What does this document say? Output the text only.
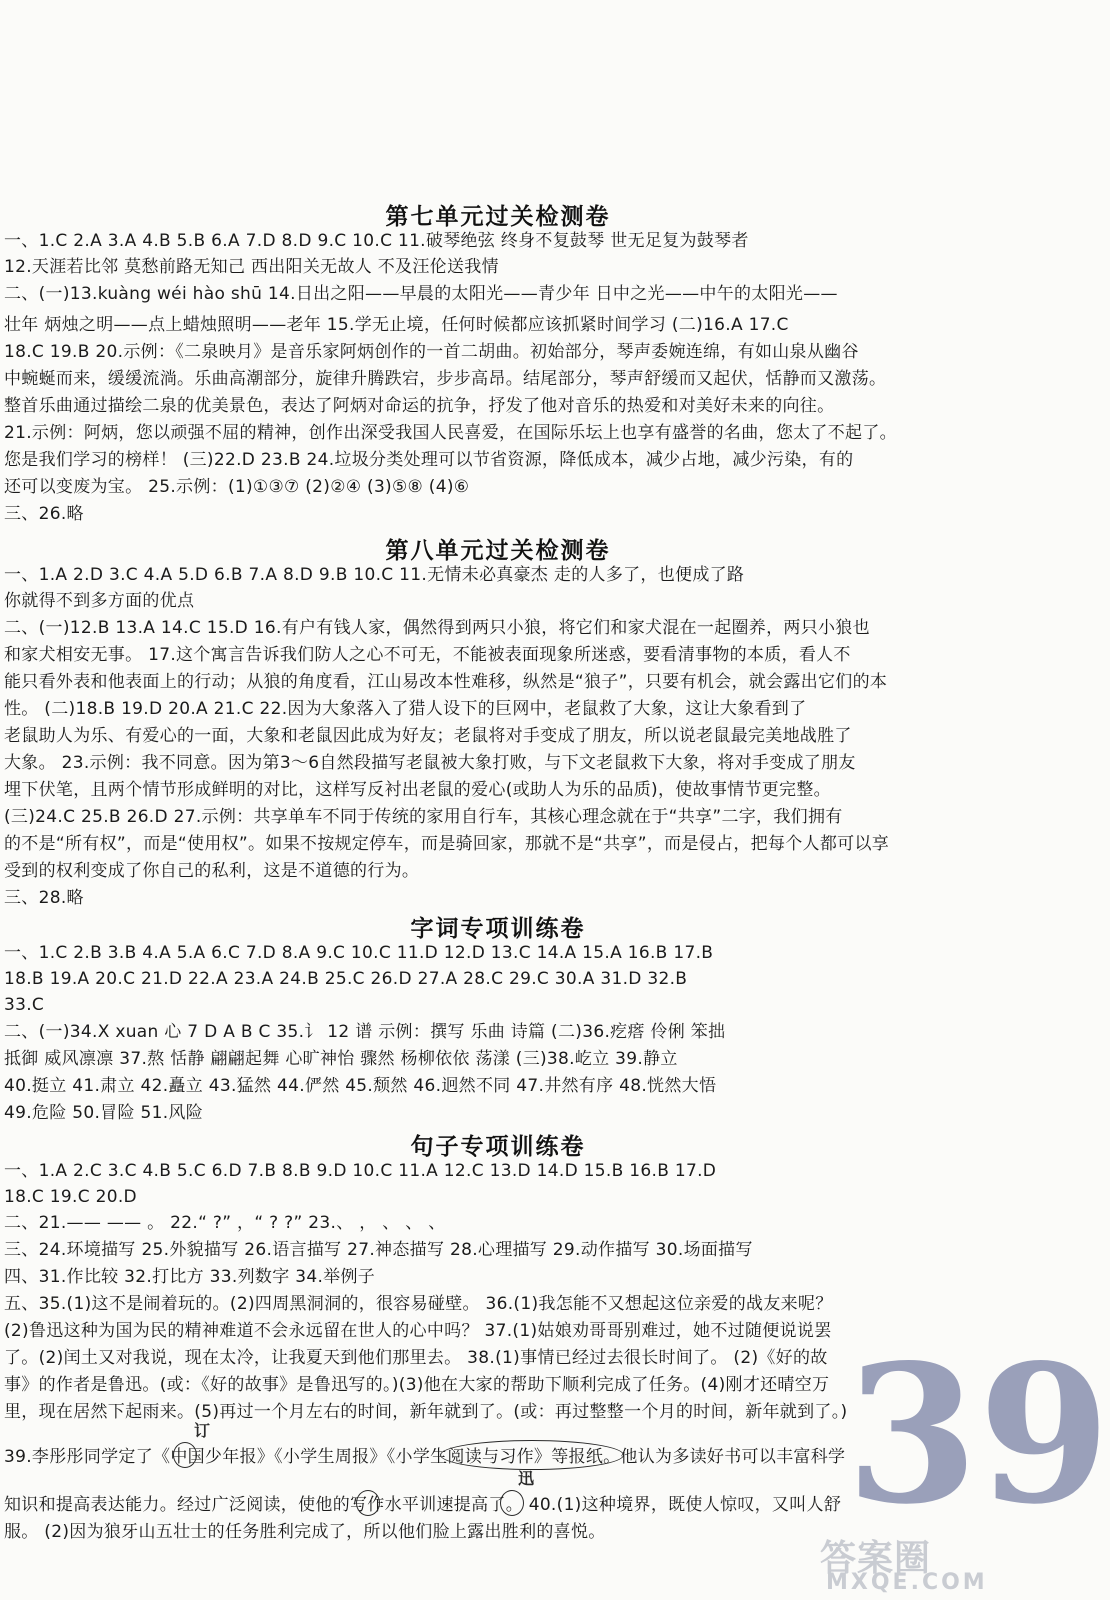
第七单元过关检测卷
一、1.C 2.A 3.A 4.B 5.B 6.A 7.D 8.D 9.C 10.C 11.破琴绝弦 终身不复鼓琴 世无足复为鼓琴者
12.天涯若比邻 莫愁前路无知己 西出阳关无故人 不及汪伦送我情
二、(一)13.kuàng wéi hào shū 14.日出之阳——早晨的太阳光——青少年 日中之光——中午的太阳光——
壮年 炳烛之明——点上蜡烛照明——老年 15.学无止境，任何时候都应该抓紧时间学习 (二)16.A 17.C
18.C 19.B 20.示例：《二泉映月》是音乐家阿炳创作的一首二胡曲。初始部分，琴声委婉连绵，有如山泉从幽谷
中蜿蜒而来，缓缓流淌。乐曲高潮部分，旋律升腾跌宕，步步高昂。结尾部分，琴声舒缓而又起伏，恬静而又激荡。
整首乐曲通过描绘二泉的优美景色，表达了阿炳对命运的抗争，抒发了他对音乐的热爱和对美好未来的向往。
21.示例：阿炳，您以顽强不屈的精神，创作出深受我国人民喜爱，在国际乐坛上也享有盛誉的名曲，您太了不起了。
您是我们学习的榜样！ (三)22.D 23.B 24.垃圾分类处理可以节省资源，降低成本，减少占地，减少污染，有的
还可以变废为宝。 25.示例：(1)①③⑦ (2)②④ (3)⑤⑧ (4)⑥
三、26.略
第八单元过关检测卷
一、1.A 2.D 3.C 4.A 5.D 6.B 7.A 8.D 9.B 10.C 11.无情未必真豪杰 走的人多了，也便成了路
你就得不到多方面的优点
二、(一)12.B 13.A 14.C 15.D 16.有户有钱人家，偶然得到两只小狼，将它们和家犬混在一起圈养，两只小狼也
和家犬相安无事。 17.这个寓言告诉我们防人之心不可无，不能被表面现象所迷惑，要看清事物的本质，看人不
能只看外表和他表面上的行动；从狼的角度看，江山易改本性难移，纵然是“狼子”，只要有机会，就会露出它们的本
性。 (二)18.B 19.D 20.A 21.C 22.因为大象落入了猎人设下的巨网中，老鼠救了大象，这让大象看到了
老鼠助人为乐、有爱心的一面，大象和老鼠因此成为好友；老鼠将对手变成了朋友，所以说老鼠最完美地战胜了
大象。 23.示例：我不同意。因为第3～6自然段描写老鼠被大象打败，与下文老鼠救下大象，将对手变成了朋友
埋下伏笔，且两个情节形成鲜明的对比，这样写反衬出老鼠的爱心(或助人为乐的品质)，使故事情节更完整。
(三)24.C 25.B 26.D 27.示例：共享单车不同于传统的家用自行车，其核心理念就在于“共享”二字，我们拥有
的不是“所有权”，而是“使用权”。如果不按规定停车，而是骑回家，那就不是“共享”，而是侵占，把每个人都可以享
受到的权利变成了你自己的私利，这是不道德的行为。
三、28.略
字词专项训练卷
一、1.C 2.B 3.B 4.A 5.A 6.C 7.D 8.A 9.C 10.C 11.D 12.D 13.C 14.A 15.A 16.B 17.B
18.B 19.A 20.C 21.D 22.A 23.A 24.B 25.C 26.D 27.A 28.C 29.C 30.A 31.D 32.B
33.C
二、(一)34.X xuan 心 7 D A B C 35.讠 12 谱 示例：撰写 乐曲 诗篇 (二)36.疙瘩 伶俐 笨拙
抵御 威风凛凛 37.熬 恬静 翩翩起舞 心旷神怡 骤然 杨柳依依 荡漾 (三)38.屹立 39.静立
40.挺立 41.肃立 42.矗立 43.猛然 44.俨然 45.颓然 46.迥然不同 47.井然有序 48.恍然大悟
49.危险 50.冒险 51.风险
句子专项训练卷
一、1.A 2.C 3.C 4.B 5.C 6.D 7.B 8.B 9.D 10.C 11.A 12.C 13.D 14.D 15.B 16.B 17.D
18.C 19.C 20.D
二、21.—— —— 。 22.“ ?” ，“ ? ?” 23.、 ， 、 、 、
三、24.环境描写 25.外貌描写 26.语言描写 27.神态描写 28.心理描写 29.动作描写 30.场面描写
四、31.作比较 32.打比方 33.列数字 34.举例子
五、35.(1)这不是闹着玩的。(2)四周黑洞洞的，很容易碰壁。 36.(1)我怎能不又想起这位亲爱的战友来呢？
(2)鲁迅这种为国为民的精神难道不会永远留在世人的心中吗？ 37.(1)姑娘劝哥哥别难过，她不过随便说说罢
了。(2)闰土又对我说，现在太冷，让我夏天到他们那里去。 38.(1)事情已经过去很长时间了。 (2)《好的故
事》的作者是鲁迅。(或：《好的故事》是鲁迅写的。)(3)他在大家的帮助下顺利完成了任务。(4)刚才还晴空万
里，现在居然下起雨来。(5)再过一个月左右的时间，新年就到了。(或：再过整整一个月的时间，新年就到了。)
39.李彤彤同学定了《中国少年报》《小学生周报》《小学生阅读与习作》等报纸。他认为多读好书可以丰富科学
知识和提高表达能力。经过广泛阅读，使他的写作水平训速提高了。 40.(1)这种境界，既使人惊叹，又叫人舒
服。 (2)因为狼牙山五壮士的任务胜利完成了，所以他们脸上露出胜利的喜悦。
订
迅 39
答案圈
MXQE.COM
